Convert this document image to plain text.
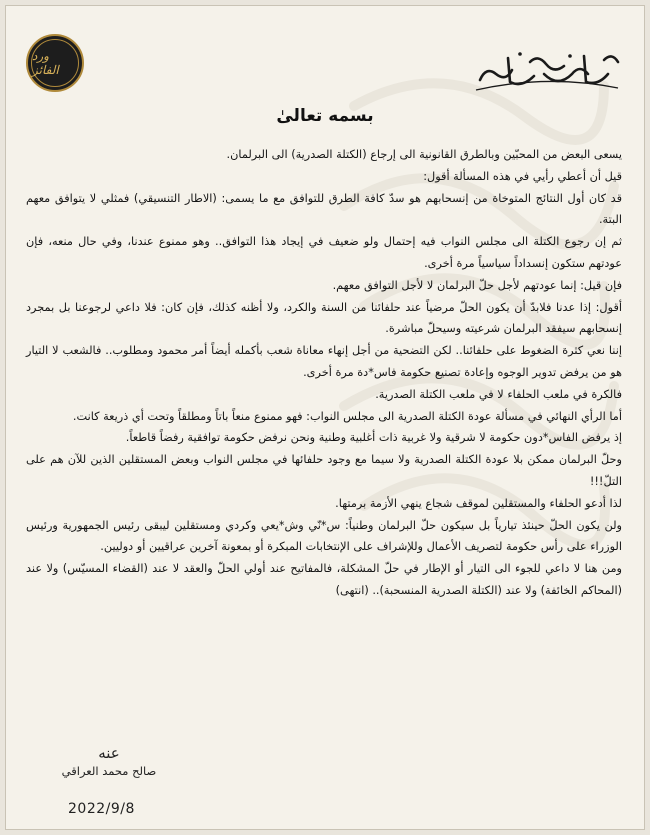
ورد الفائز
بسمه تعالىٰ

يسعى البعض من المحبّين وبالطرق القانونية الى إرجاع (الكتلة الصدرية) الى البرلمان.

قيل أن أعطي رأيي في هذه المسألة أقول:

قد كان أول النتائج المتوخاة من إنسحابهم هو سدّ كافة الطرق للتوافق مع ما يسمى: (الاطار التنسيقي) فمثلي لا يتوافق معهم البتة.

ثم إن رجوع الكتلة الى مجلس النواب فيه إحتمال ولو ضعيف في إيجاد هذا التوافق.. وهو ممنوع عندنا، وفي حال منعه، فإن عودتهم ستكون إنسداداً سياسياً مرة أخرى.

فإن قيل: إنما عودتهم لأجل حلّ البرلمان لا لأجل التوافق معهم.

أقول: إذا عدنا فلابدّ أن يكون الحلّ مرضياً عند حلفائنا من السنة والكرد، ولا أظنه كذلك، فإن كان: فلا داعي لرجوعنا بل بمجرد إنسحابهم سيفقد البرلمان شرعيته وسيحلّ مباشرة.

إننا نعي كثرة الضغوط على حلفائنا.. لكن التضحية من أجل إنهاء معاناة شعب بأكمله أيضاً أمر محمود ومطلوب.. فالشعب لا التيار هو من يرفض تدوير الوجوه وإعادة تصنيع حكومة فاس*دة مرة أخرى.

فالكرة في ملعب الحلفاء لا في ملعب الكتلة الصدرية.

أما الرأي النهائي في مسألة عودة الكتلة الصدرية الى مجلس النواب: فهو ممنوع منعاً باتاً ومطلقاً وتحت أي ذريعة كانت.

إذ يرفض الفاس*دون حكومة لا شرقية ولا غربية ذات أغلبية وطنية ونحن نرفض حكومة توافقية رفضاً قاطعاً.

وحلّ البرلمان ممكن بلا عودة الكتلة الصدرية ولا سيما مع وجود حلفائها في مجلس النواب وبعض المستقلين الذين للآن هم على التلّ!!!

لذا أدعو الحلفاء والمستقلين لموقف شجاع ينهي الأزمة برمتها.

ولن يكون الحلّ حينئذ تيارياً بل سيكون حلّ البرلمان وطنياً: س*نّي وش*يعي وكردي ومستقلين ليبقى رئيس الجمهورية ورئيس الوزراء على رأس حكومة لتصريف الأعمال وللإشراف على الإنتخابات المبكرة أو بمعونة آخرين عراقيين أو دوليين.

ومن هنا لا داعي للجوء الى التيار أو الإطار في حلّ المشكلة، فالمفاتيح عند أولي الحلّ والعقد لا عند (القضاء المسيّس) ولا عند (المحاكم الخائفة) ولا عند (الكتلة الصدرية المنسحبة).. (انتهى)

عنه
صالح محمد العراقي
2022/9/8
